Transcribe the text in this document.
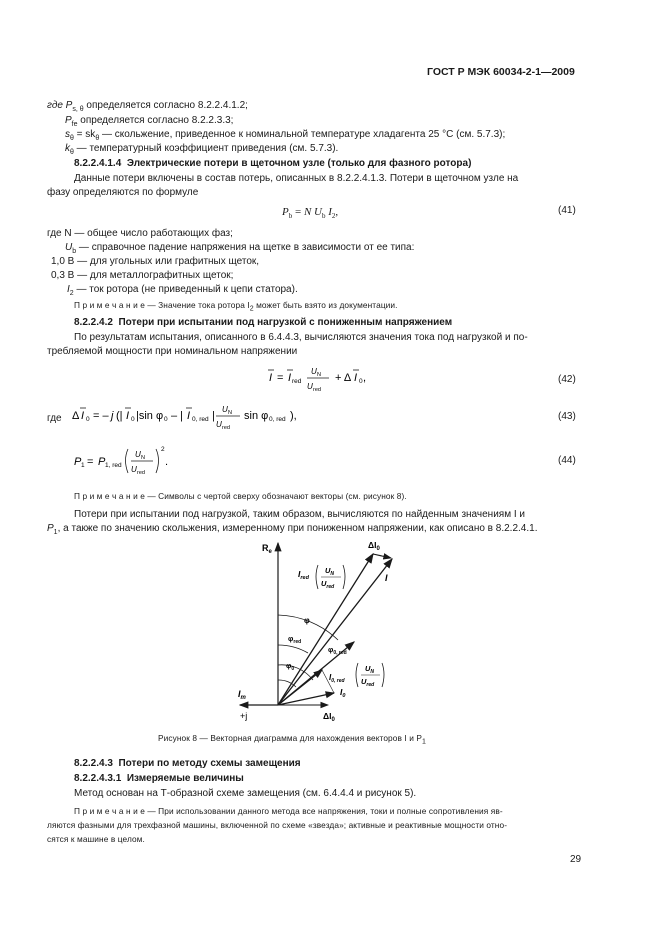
ГОСТ Р МЭК 60034-2-1—2009
где $P_{s, \theta}$ определяется согласно 8.2.2.4.1.2;
$P_{fe}$ определяется согласно 8.2.2.3.3;
$s_\theta = sk_\theta$ — скольжение, приведенное к номинальной температуре хладагента 25 °С (см. 5.7.3);
$k_\theta$ — температурный коэффициент приведения (см. 5.7.3).
8.2.2.4.1.4 Электрические потери в щеточном узле (только для фазного ротора)
Данные потери включены в состав потерь, описанных в 8.2.2.4.1.3. Потери в щеточном узле на
фазу определяются по формуле
$P_b = N$ $U_b$ $I_2$,	(41)
где N — общее число работающих фаз;
$U_b$ — справочное падение напряжения на щетке в зависимости от ее типа:
1,0 В — для угольных или графитных щеток,
0,3 В — для металлографитных щеток;
$I_2$ — ток ротора (не приведенный к цепи статора).
П р и м е ч а н и е — Значение тока ротора $I_2$ может быть взято из документации.
8.2.2.4.2 Потери при испытании под нагрузкой с пониженным напряжением
По результатам испытания, описанного в 6.4.4.3, вычисляются значения тока под нагрузкой и по-
требляемой мощности при номинальном напряжении
I = I red
U N
U red
+ Δ I 0 ,	(42)
где Δ I 0 = – j (| I 0 |sin φ 0 – | I 0, red |
U N
U red
sin φ 0, red ),	(43)
P 1 = P 1, red
U N
U red
2
.	(44)
П р и м е ч а н и е — Символы с чертой сверху обозначают векторы (см. рисунок 8).
Потери при испытании под нагрузкой, таким образом, вычисляются по найденным значениям I и
$P_1$, а также по значению скольжения, измеренному при пониженном напряжении, как описано в 8.2.2.4.1.
$R_e$
$I_m$
+j
$\Delta I_0$
I
$I_{red}$
$U_N$
$U_{red}$
φ
$\varphi_{red}$
$\varphi_{0, red}$
$\varphi_0$
$I_{0, red}$
$U_N$
$U_{red}$
$I_0$
$\Delta I_0$
Рисунок 8 — Векторная диаграмма для нахождения векторов I и $P_1$
8.2.2.4.3 Потери по методу схемы замещения
8.2.2.4.3.1 Измеряемые величины
Метод основан на Т-образной схеме замещения (см. 6.4.4.4 и рисунок 5).
П р и м е ч а н и е — При использовании данного метода все напряжения, токи и полные сопротивления яв-
ляются фазными для трехфазной машины, включенной по схеме «звезда»; активные и реактивные мощности отно-
сятся к машине в целом.
29
